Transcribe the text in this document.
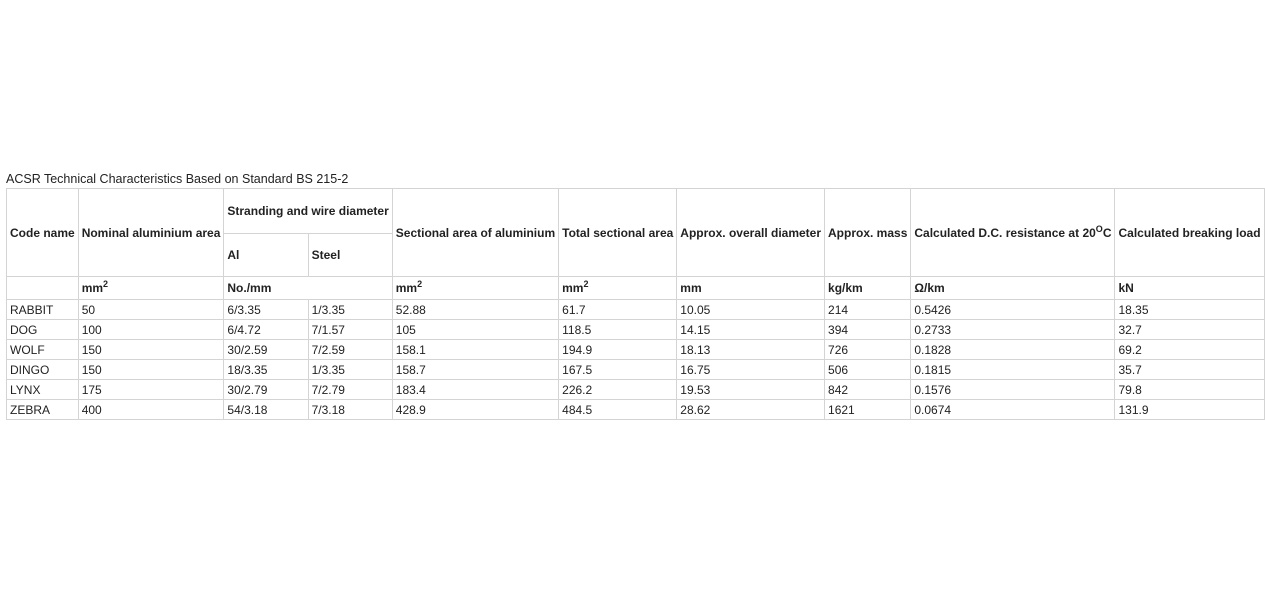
ACSR Technical Characteristics Based on Standard BS 215-2
Code name	Nominal aluminium area	Stranding and wire diameter		Sectional area of aluminium	Total sectional area	Approx. overall diameter	Approx. mass	Calculated D.C. resistance at $20^OC$	Calculated breaking load
		Al	Steel						
	$mm^2$	No./mm		$mm^2$	$mm^2$	mm	kg/km	Ω/km	kN
RABBIT	50	6/3.35	1/3.35	52.88	61.7	10.05	214	0.5426	18.35
DOG	100	6/4.72	7/1.57	105	118.5	14.15	394	0.2733	32.7
WOLF	150	30/2.59	7/2.59	158.1	194.9	18.13	726	0.1828	69.2
DINGO	150	18/3.35	1/3.35	158.7	167.5	16.75	506	0.1815	35.7
LYNX	175	30/2.79	7/2.79	183.4	226.2	19.53	842	0.1576	79.8
ZEBRA	400	54/3.18	7/3.18	428.9	484.5	28.62	1621	0.0674	131.9
